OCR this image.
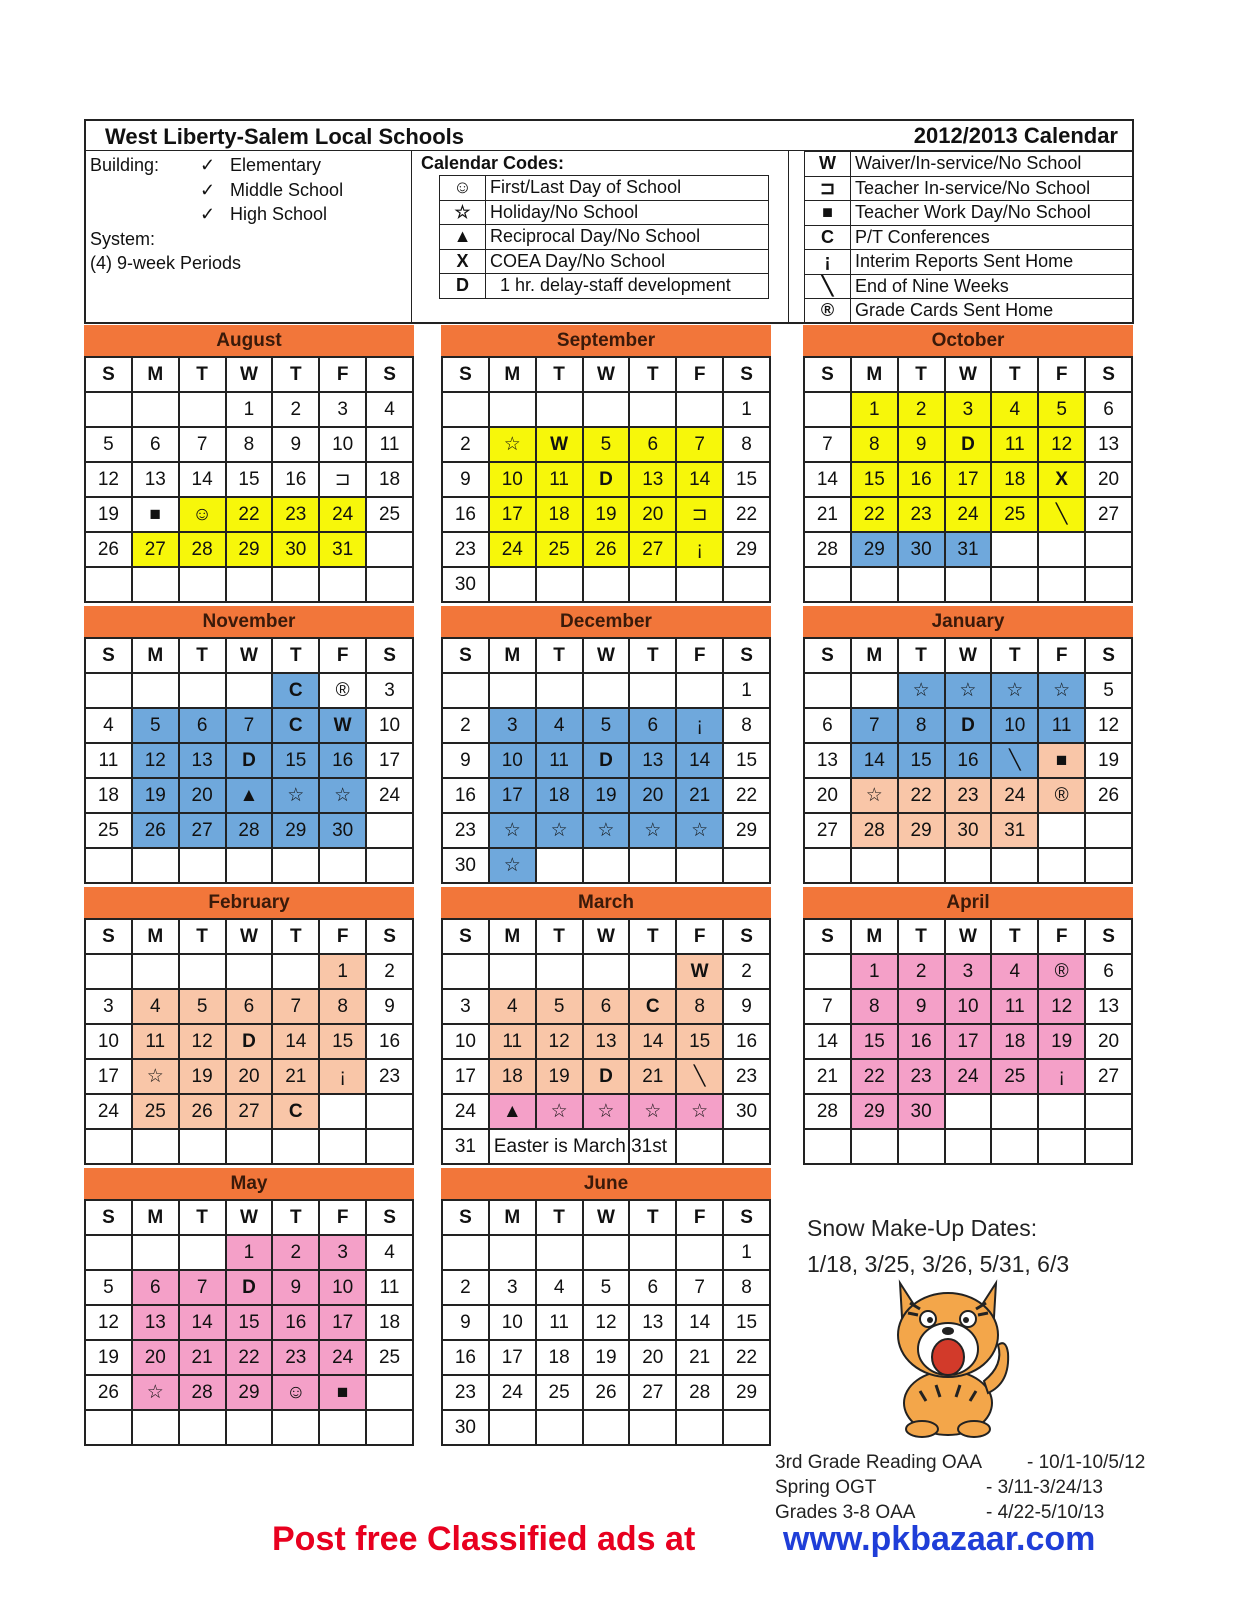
West Liberty-Salem Local Schools	2012/2013 Calendar
Building: ✓ Elementary
✓ Middle School
✓ High School
System:
(4) 9-week Periods
Calendar Codes:
☺	First/Last Day of School
☆	Holiday/No School
▲	Reciprocal Day/No School
X	COEA Day/No School
D	1 hr. delay-staff development
W	Waiver/In-service/No School
⊐	Teacher In-service/No School
■	Teacher Work Day/No School
C	P/T Conferences
¡	Interim Reports Sent Home
╲	End of Nine Weeks
®	Grade Cards Sent Home
August
S	M	T	W	T	F	S
			1	2	3	4
5	6	7	8	9	10	11
12	13	14	15	16	⊐	18
19	■	☺	22	23	24	25
26	27	28	29	30	31	

September
S	M	T	W	T	F	S
						1
2	☆	W	5	6	7	8
9	10	11	D	13	14	15
16	17	18	19	20	⊐	22
23	24	25	26	27	¡	29
30						
October
S	M	T	W	T	F	S
	1	2	3	4	5	6
7	8	9	D	11	12	13
14	15	16	17	18	X	20
21	22	23	24	25	╲	27
28	29	30	31			

November
S	M	T	W	T	F	S
				C	®	3
4	5	6	7	C	W	10
11	12	13	D	15	16	17
18	19	20	▲	☆	☆	24
25	26	27	28	29	30	

December
S	M	T	W	T	F	S
						1
2	3	4	5	6	¡	8
9	10	11	D	13	14	15
16	17	18	19	20	21	22
23	☆	☆	☆	☆	☆	29
30	☆					
January
S	M	T	W	T	F	S
		☆	☆	☆	☆	5
6	7	8	D	10	11	12
13	14	15	16	╲	■	19
20	☆	22	23	24	®	26
27	28	29	30	31		

February
S	M	T	W	T	F	S
					1	2
3	4	5	6	7	8	9
10	11	12	D	14	15	16
17	☆	19	20	21	¡	23
24	25	26	27	C		

March
S	M	T	W	T	F	S
					W	2
3	4	5	6	C	8	9
10	11	12	13	14	15	16
17	18	19	D	21	╲	23
24	▲	☆	☆	☆	☆	30
31	Easter is March 31st					
April
S	M	T	W	T	F	S
	1	2	3	4	®	6
7	8	9	10	11	12	13
14	15	16	17	18	19	20
21	22	23	24	25	¡	27
28	29	30				

May
S	M	T	W	T	F	S
			1	2	3	4
5	6	7	D	9	10	11
12	13	14	15	16	17	18
19	20	21	22	23	24	25
26	☆	28	29	☺	■	

June
S	M	T	W	T	F	S
						1
2	3	4	5	6	7	8
9	10	11	12	13	14	15
16	17	18	19	20	21	22
23	24	25	26	27	28	29
30						
Snow Make-Up Dates:
1/18, 3/25, 3/26, 5/31, 6/3
3rd Grade Reading OAA - 10/1-10/5/12
Spring OGT	- 3/11-3/24/13
Grades 3-8 OAA	- 4/22-5/10/13
Post free Classified ads at	www.pkbazaar.com
